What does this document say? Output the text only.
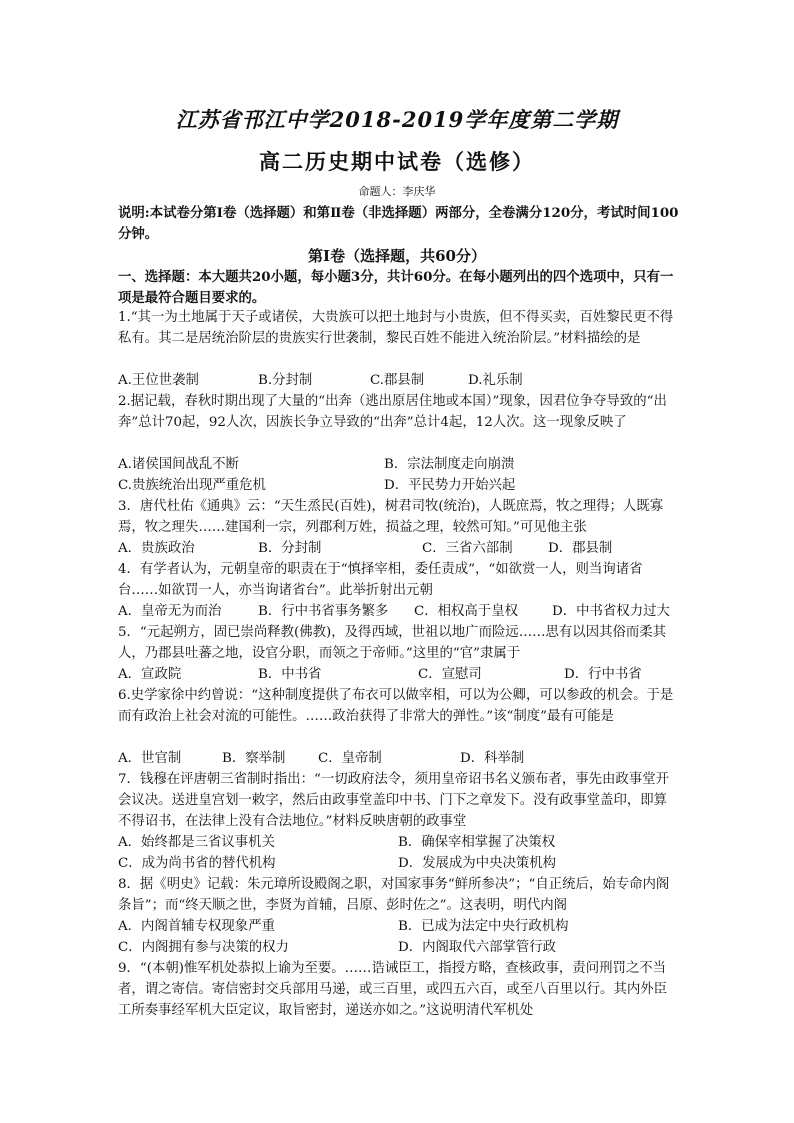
江苏省邗江中学2018-2019学年度第二学期
高二历史期中试卷（选修）
命题人：李庆华
说明:本试卷分第Ⅰ卷（选择题）和第Ⅱ卷（非选择题）两部分，全卷满分120分，考试时间100分钟。
第Ⅰ卷（选择题，共60分）
一、选择题：本大题共20小题，每小题3分，共计60分。在每小题列出的四个选项中，只有一项是最符合题目要求的。
1.“其一为土地属于天子或诸侯，大贵族可以把土地封与小贵族，但不得买卖，百姓黎民更不得私有。其二是居统治阶层的贵族实行世袭制，黎民百姓不能进入统治阶层。”材料描绘的是
A.王位世袭制	B.分封制	C.郡县制	D.礼乐制
2.据记载，春秋时期出现了大量的“出奔（逃出原居住地或本国）”现象，因君位争夺导致的“出奔”总计70起，92人次，因族长争立导致的“出奔”总计4起，12人次。这一现象反映了
A.诸侯国间战乱不断	B．宗法制度走向崩溃
C.贵族统治出现严重危机	D．平民势力开始兴起
3．唐代杜佑《通典》云：“天生烝民(百姓)，树君司牧(统治)，人既庶焉，牧之理得；人既寡焉，牧之理失……建国利一宗，列郡利万姓，损益之理，较然可知。”可见他主张
A．贵族政治	B．分封制	C．三省六部制	D．郡县制
4．有学者认为，元朝皇帝的职责在于“慎择宰相，委任责成”，“如欲赏一人，则当询诸省台……如欲罚一人，亦当询诸省台”。此举折射出元朝
A．皇帝无为而治	B．行中书省事务繁多 C．相权高于皇权	D．中书省权力过大
5．“元起朔方，固已崇尚释教(佛教)，及得西域，世祖以地广而险远……思有以因其俗而柔其人，乃郡县吐蕃之地，设官分职，而领之于帝师。”这里的“官”隶属于
A．宣政院	B．中书省	C．宣慰司	D．行中书省
6.史学家徐中约曾说：“这种制度提供了布衣可以做宰相，可以为公卿，可以参政的机会。于是而有政治上社会对流的可能性。……政治获得了非常大的弹性。”该“制度”最有可能是
A．世官制	B．察举制 C．皇帝制	D．科举制
7．钱穆在评唐朝三省制时指出：“一切政府法令，须用皇帝诏书名义颁布者，事先由政事堂开会议决。送进皇宫划一敕字，然后由政事堂盖印中书、门下之章发下。没有政事堂盖印，即算不得诏书，在法律上没有合法地位。”材料反映唐朝的政事堂
A．始终都是三省议事机关	B．确保宰相掌握了决策权
C．成为尚书省的替代机构	D．发展成为中央决策机构
8．据《明史》记载：朱元璋所设殿阁之职，对国家事务“鲜所参决”；“自正统后，始专命内阁条旨”；而“终天顺之世，李贤为首辅，吕原、彭时佐之”。这表明，明代内阁
A．内阁首辅专权现象严重	B．已成为法定中央行政机构
C．内阁拥有参与决策的权力	D．内阁取代六部掌管行政
9．“(本朝)惟军机处恭拟上谕为至要。……诰诫臣工，指授方略，查核政事，责问刑罚之不当者，谓之寄信。寄信密封交兵部用马递，或三百里，或四五六百，或至八百里以行。其内外臣工所奏事经军机大臣定议，取旨密封，递送亦如之。”这说明清代军机处
